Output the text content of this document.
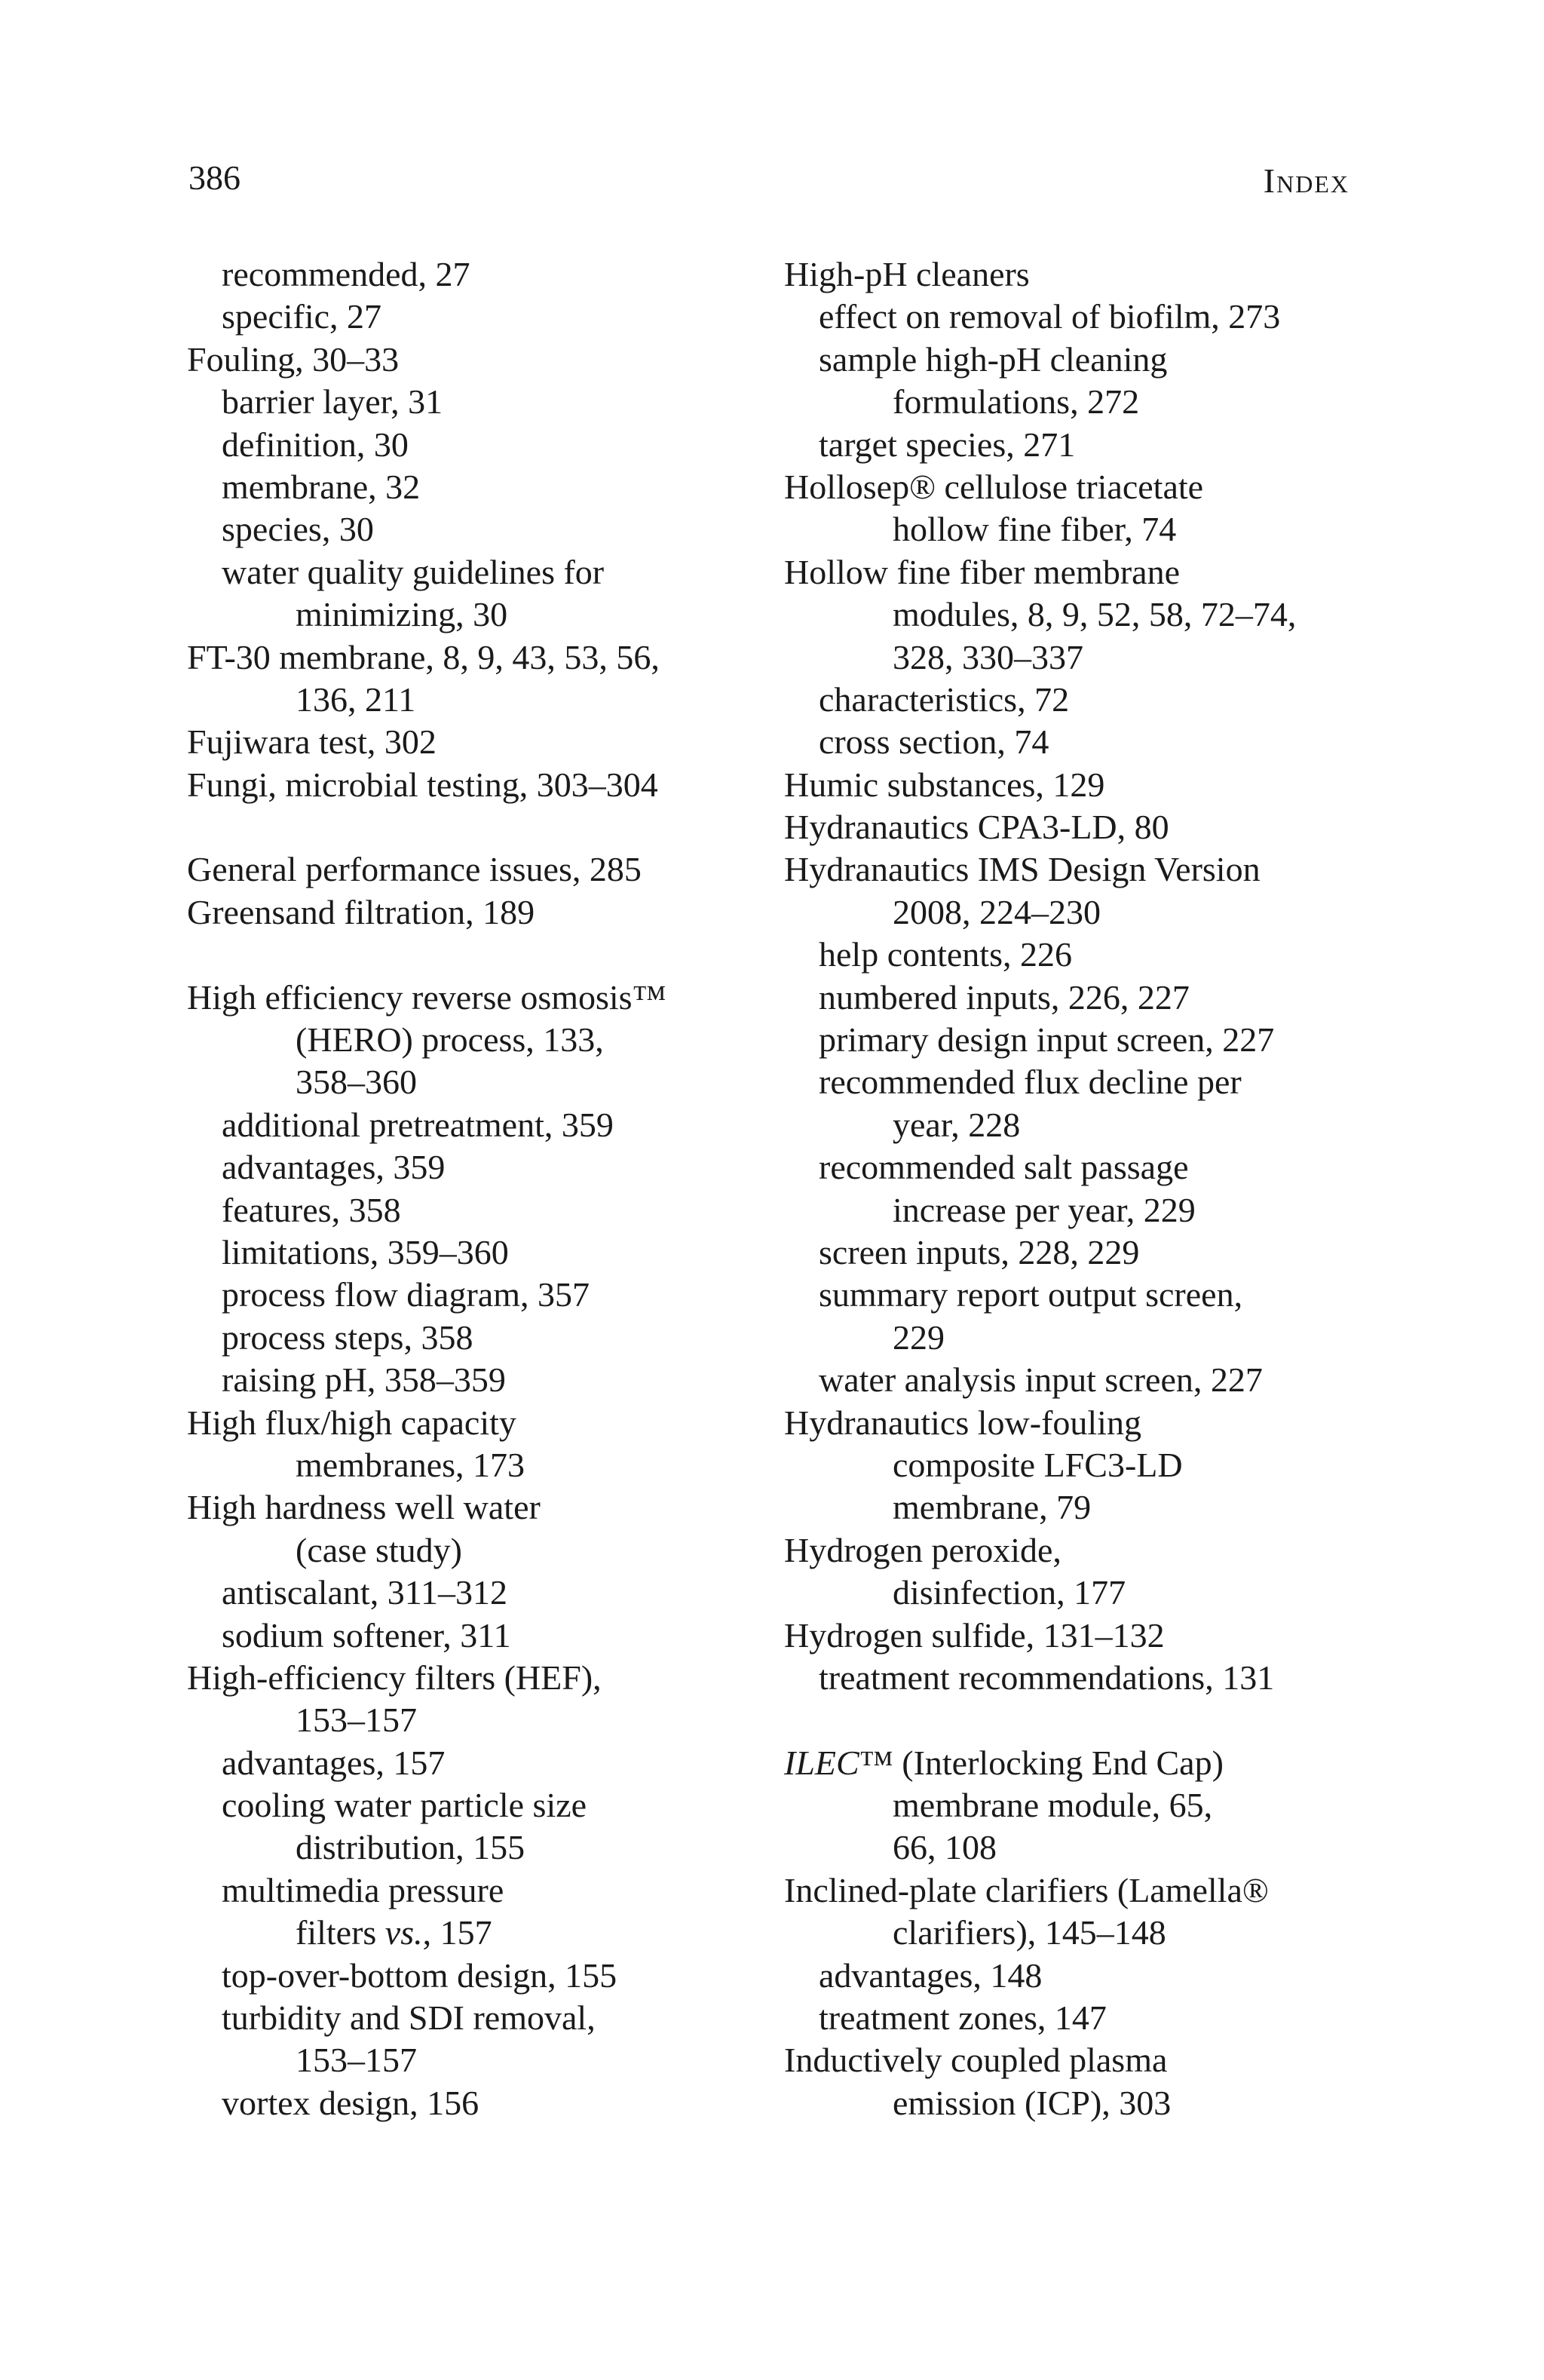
386	Index
recommended, 27
specific, 27
Fouling, 30–33
barrier layer, 31
definition, 30
membrane, 32
species, 30
water quality guidelines for
minimizing, 30
FT-30 membrane, 8, 9, 43, 53, 56,
136, 211
Fujiwara test, 302
Fungi, microbial testing, 303–304
General performance issues, 285
Greensand filtration, 189
High efficiency reverse osmosis™
(HERO) process, 133,
358–360
additional pretreatment, 359
advantages, 359
features, 358
limitations, 359–360
process flow diagram, 357
process steps, 358
raising pH, 358–359
High flux/high capacity
membranes, 173
High hardness well water
(case study)
antiscalant, 311–312
sodium softener, 311
High-efficiency filters (HEF),
153–157
advantages, 157
cooling water particle size
distribution, 155
multimedia pressure
filters vs., 157
top-over-bottom design, 155
turbidity and SDI removal,
153–157
vortex design, 156
High-pH cleaners
effect on removal of biofilm, 273
sample high-pH cleaning
formulations, 272
target species, 271
Hollosep® cellulose triacetate
hollow fine fiber, 74
Hollow fine fiber membrane
modules, 8, 9, 52, 58, 72–74,
328, 330–337
characteristics, 72
cross section, 74
Humic substances, 129
Hydranautics CPA3-LD, 80
Hydranautics IMS Design Version
2008, 224–230
help contents, 226
numbered inputs, 226, 227
primary design input screen, 227
recommended flux decline per
year, 228
recommended salt passage
increase per year, 229
screen inputs, 228, 229
summary report output screen,
229
water analysis input screen, 227
Hydranautics low-fouling
composite LFC3-LD
membrane, 79
Hydrogen peroxide,
disinfection, 177
Hydrogen sulfide, 131–132
treatment recommendations, 131
ILEC™ (Interlocking End Cap)
membrane module, 65,
66, 108
Inclined-plate clarifiers (Lamella®
clarifiers), 145–148
advantages, 148
treatment zones, 147
Inductively coupled plasma
emission (ICP), 303
